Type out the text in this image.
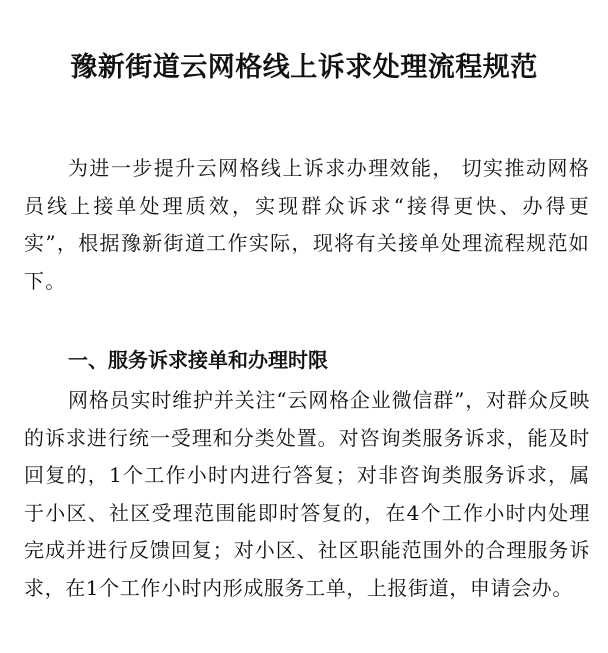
豫新街道云网格线上诉求处理流程规范

为进一步提升云网格线上诉求办理效能， 切实推动网格员线上接单处理质效，实现群众诉求“接得更快、办得更实”，根据豫新街道工作实际，现将有关接单处理流程规范如下。

一、服务诉求接单和办理时限

网格员实时维护并关注“云网格企业微信群”，对群众反映的诉求进行统一受理和分类处置。对咨询类服务诉求，能及时回复的，1个工作小时内进行答复；对非咨询类服务诉求，属于小区、社区受理范围能即时答复的，在4个工作小时内处理完成并进行反馈回复；对小区、社区职能范围外的合理服务诉求，在1个工作小时内形成服务工单，上报街道，申请会办。
